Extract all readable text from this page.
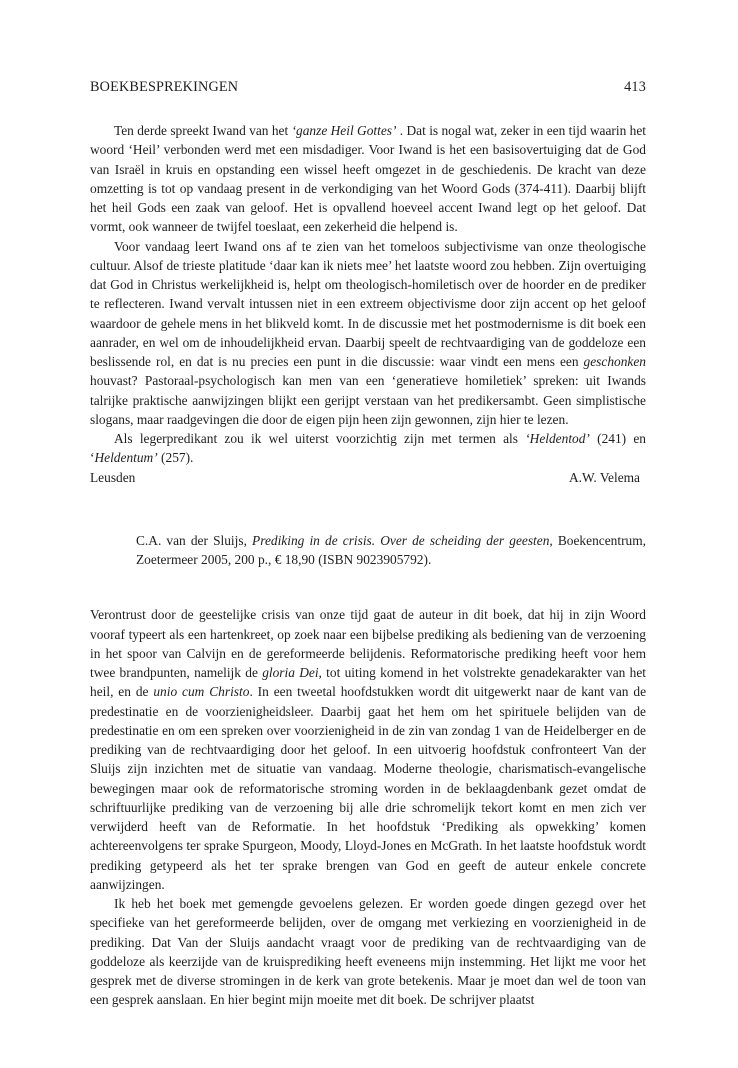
BOEKBESPREKINGEN	413

Ten derde spreekt Iwand van het ‘ganze Heil Gottes’ . Dat is nogal wat, zeker in een tijd waarin het woord ‘Heil’ verbonden werd met een misdadiger. Voor Iwand is het een basisovertuiging dat de God van Israël in kruis en opstanding een wissel heeft omgezet in de geschiedenis. De kracht van deze omzetting is tot op vandaag present in de verkondiging van het Woord Gods (374-411). Daarbij blijft het heil Gods een zaak van geloof. Het is opvallend hoeveel accent Iwand legt op het geloof. Dat vormt, ook wanneer de twijfel toeslaat, een zekerheid die helpend is.

Voor vandaag leert Iwand ons af te zien van het tomeloos subjectivisme van onze theologische cultuur. Alsof de trieste platitude ‘daar kan ik niets mee’ het laatste woord zou hebben. Zijn overtuiging dat God in Christus werkelijkheid is, helpt om theologisch-homiletisch over de hoorder en de prediker te reflecteren. Iwand vervalt intussen niet in een extreem objectivisme door zijn accent op het geloof waardoor de gehele mens in het blikveld komt. In de discussie met het postmodernisme is dit boek een aanrader, en wel om de inhoudelijkheid ervan. Daarbij speelt de rechtvaardiging van de goddeloze een beslissende rol, en dat is nu precies een punt in die discussie: waar vindt een mens een geschonken houvast? Pastoraal-psychologisch kan men van een ‘generatieve homiletiek’ spreken: uit Iwands talrijke praktische aanwijzingen blijkt een gerijpt verstaan van het predikersambt. Geen simplistische slogans, maar raadgevingen die door de eigen pijn heen zijn gewonnen, zijn hier te lezen.

Als legerpredikant zou ik wel uiterst voorzichtig zijn met termen als ‘Heldentod’ (241) en ‘Heldentum’ (257).

Leusden	A.W. Velema

C.A. van der Sluijs, Prediking in de crisis. Over de scheiding der geesten, Boekencentrum, Zoetermeer 2005, 200 p., € 18,90 (ISBN 9023905792).

Verontrust door de geestelijke crisis van onze tijd gaat de auteur in dit boek, dat hij in zijn Woord vooraf typeert als een hartenkreet, op zoek naar een bijbelse prediking als bediening van de verzoening in het spoor van Calvijn en de gereformeerde belijdenis. Reformatorische prediking heeft voor hem twee brandpunten, namelijk de gloria Dei, tot uiting komend in het volstrekte genadekarakter van het heil, en de unio cum Christo. In een tweetal hoofdstukken wordt dit uitgewerkt naar de kant van de predestinatie en de voorzienigheidsleer. Daarbij gaat het hem om het spirituele belijden van de predestinatie en om een spreken over voorzienigheid in de zin van zondag 1 van de Heidelberger en de prediking van de rechtvaardiging door het geloof. In een uitvoerig hoofdstuk confronteert Van der Sluijs zijn inzichten met de situatie van vandaag. Moderne theologie, charismatisch-evangelische bewegingen maar ook de reformatorische stroming worden in de beklaagdenbank gezet omdat de schriftuurlijke prediking van de verzoening bij alle drie schromelijk tekort komt en men zich ver verwijderd heeft van de Reformatie. In het hoofdstuk ‘Prediking als opwekking’ komen achtereenvolgens ter sprake Spurgeon, Moody, Lloyd-Jones en McGrath. In het laatste hoofdstuk wordt prediking getypeerd als het ter sprake brengen van God en geeft de auteur enkele concrete aanwijzingen.

Ik heb het boek met gemengde gevoelens gelezen. Er worden goede dingen gezegd over het specifieke van het gereformeerde belijden, over de omgang met verkiezing en voorzienigheid in de prediking. Dat Van der Sluijs aandacht vraagt voor de prediking van de rechtvaardiging van de goddeloze als keerzijde van de kruisprediking heeft eveneens mijn instemming. Het lijkt me voor het gesprek met de diverse stromingen in de kerk van grote betekenis. Maar je moet dan wel de toon van een gesprek aanslaan. En hier begint mijn moeite met dit boek. De schrijver plaatst
